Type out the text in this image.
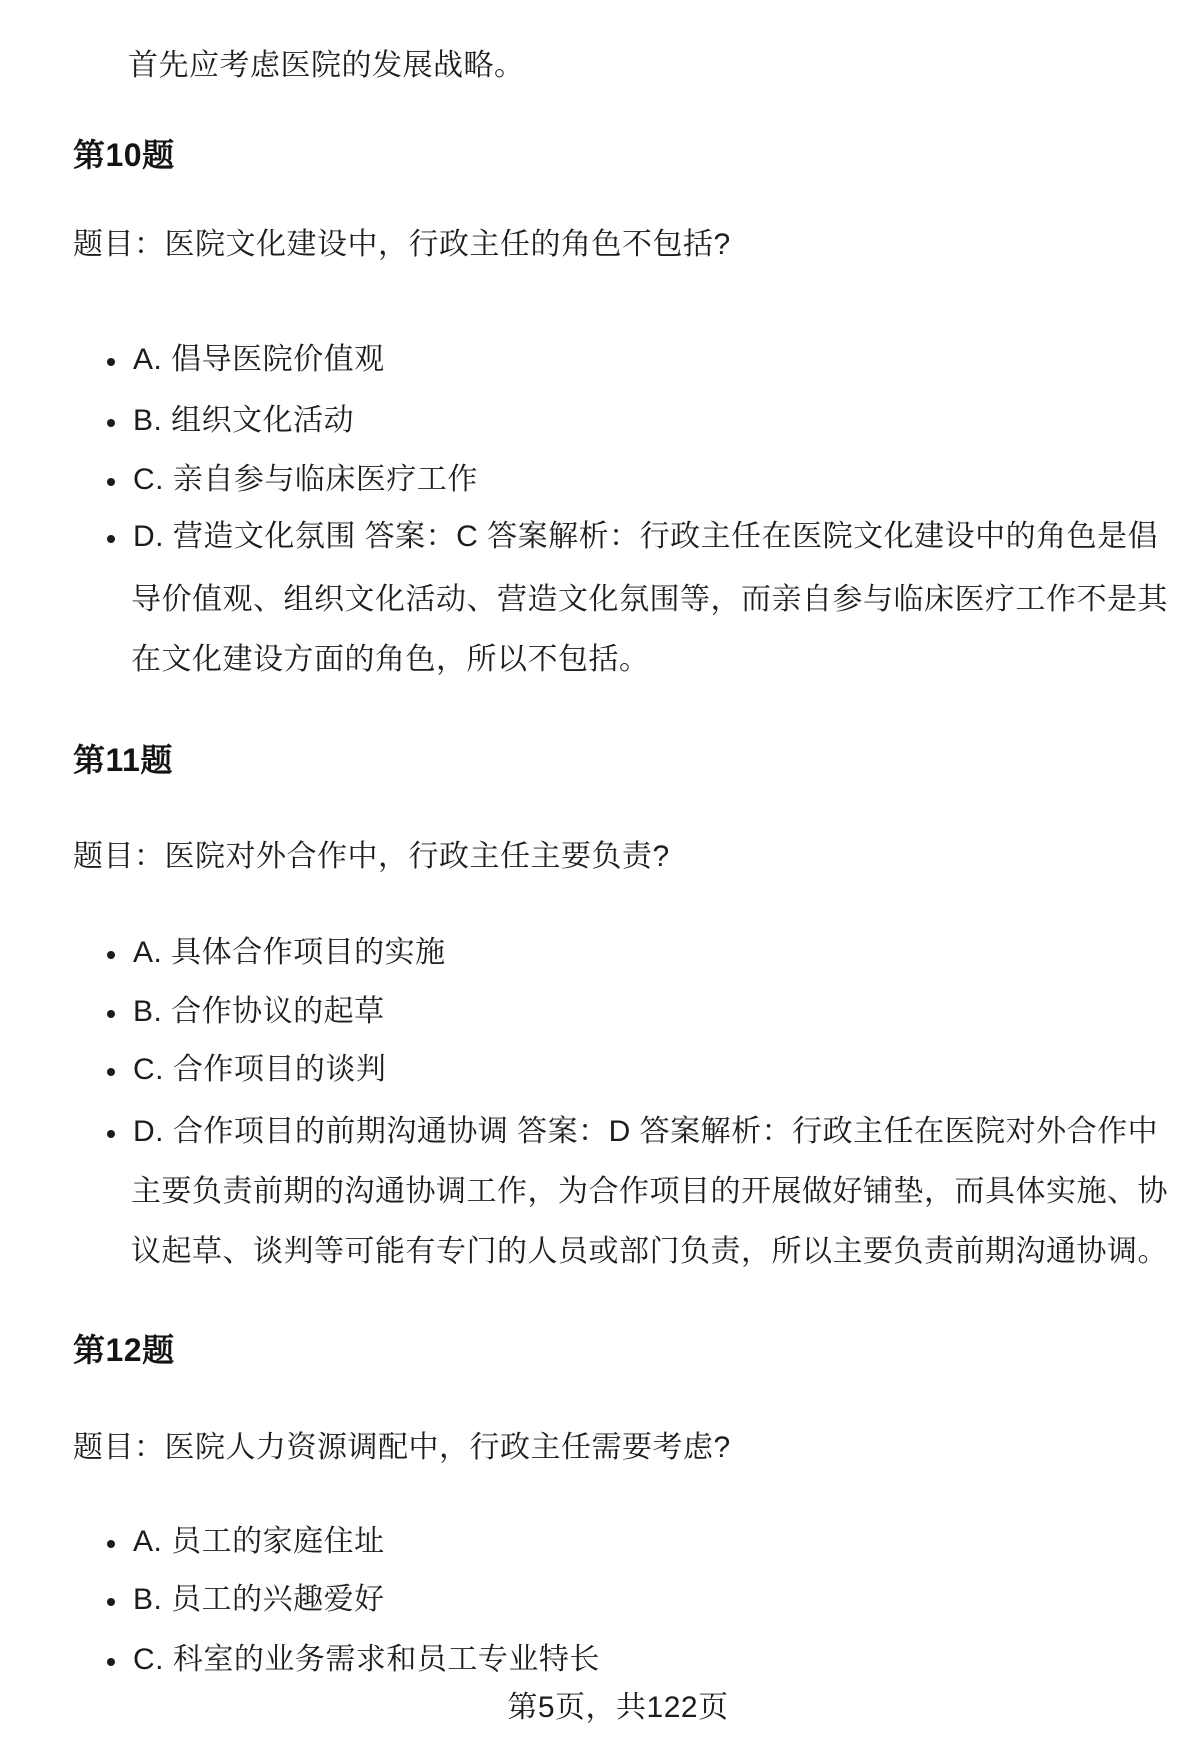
首先应考虑医院的发展战略。
第10题
题目：医院文化建设中，行政主任的角色不包括?
A. 倡导医院价值观
B. 组织文化活动
C. 亲自参与临床医疗工作
D. 营造文化氛围 答案：C 答案解析：行政主任在医院文化建设中的角色是倡
导价值观、组织文化活动、营造文化氛围等，而亲自参与临床医疗工作不是其
在文化建设方面的角色，所以不包括。
第11题
题目：医院对外合作中，行政主任主要负责?
A. 具体合作项目的实施
B. 合作协议的起草
C. 合作项目的谈判
D. 合作项目的前期沟通协调 答案：D 答案解析：行政主任在医院对外合作中
主要负责前期的沟通协调工作，为合作项目的开展做好铺垫，而具体实施、协
议起草、谈判等可能有专门的人员或部门负责，所以主要负责前期沟通协调。
第12题
题目：医院人力资源调配中，行政主任需要考虑?
A. 员工的家庭住址
B. 员工的兴趣爱好
C. 科室的业务需求和员工专业特长
第5页，共122页
